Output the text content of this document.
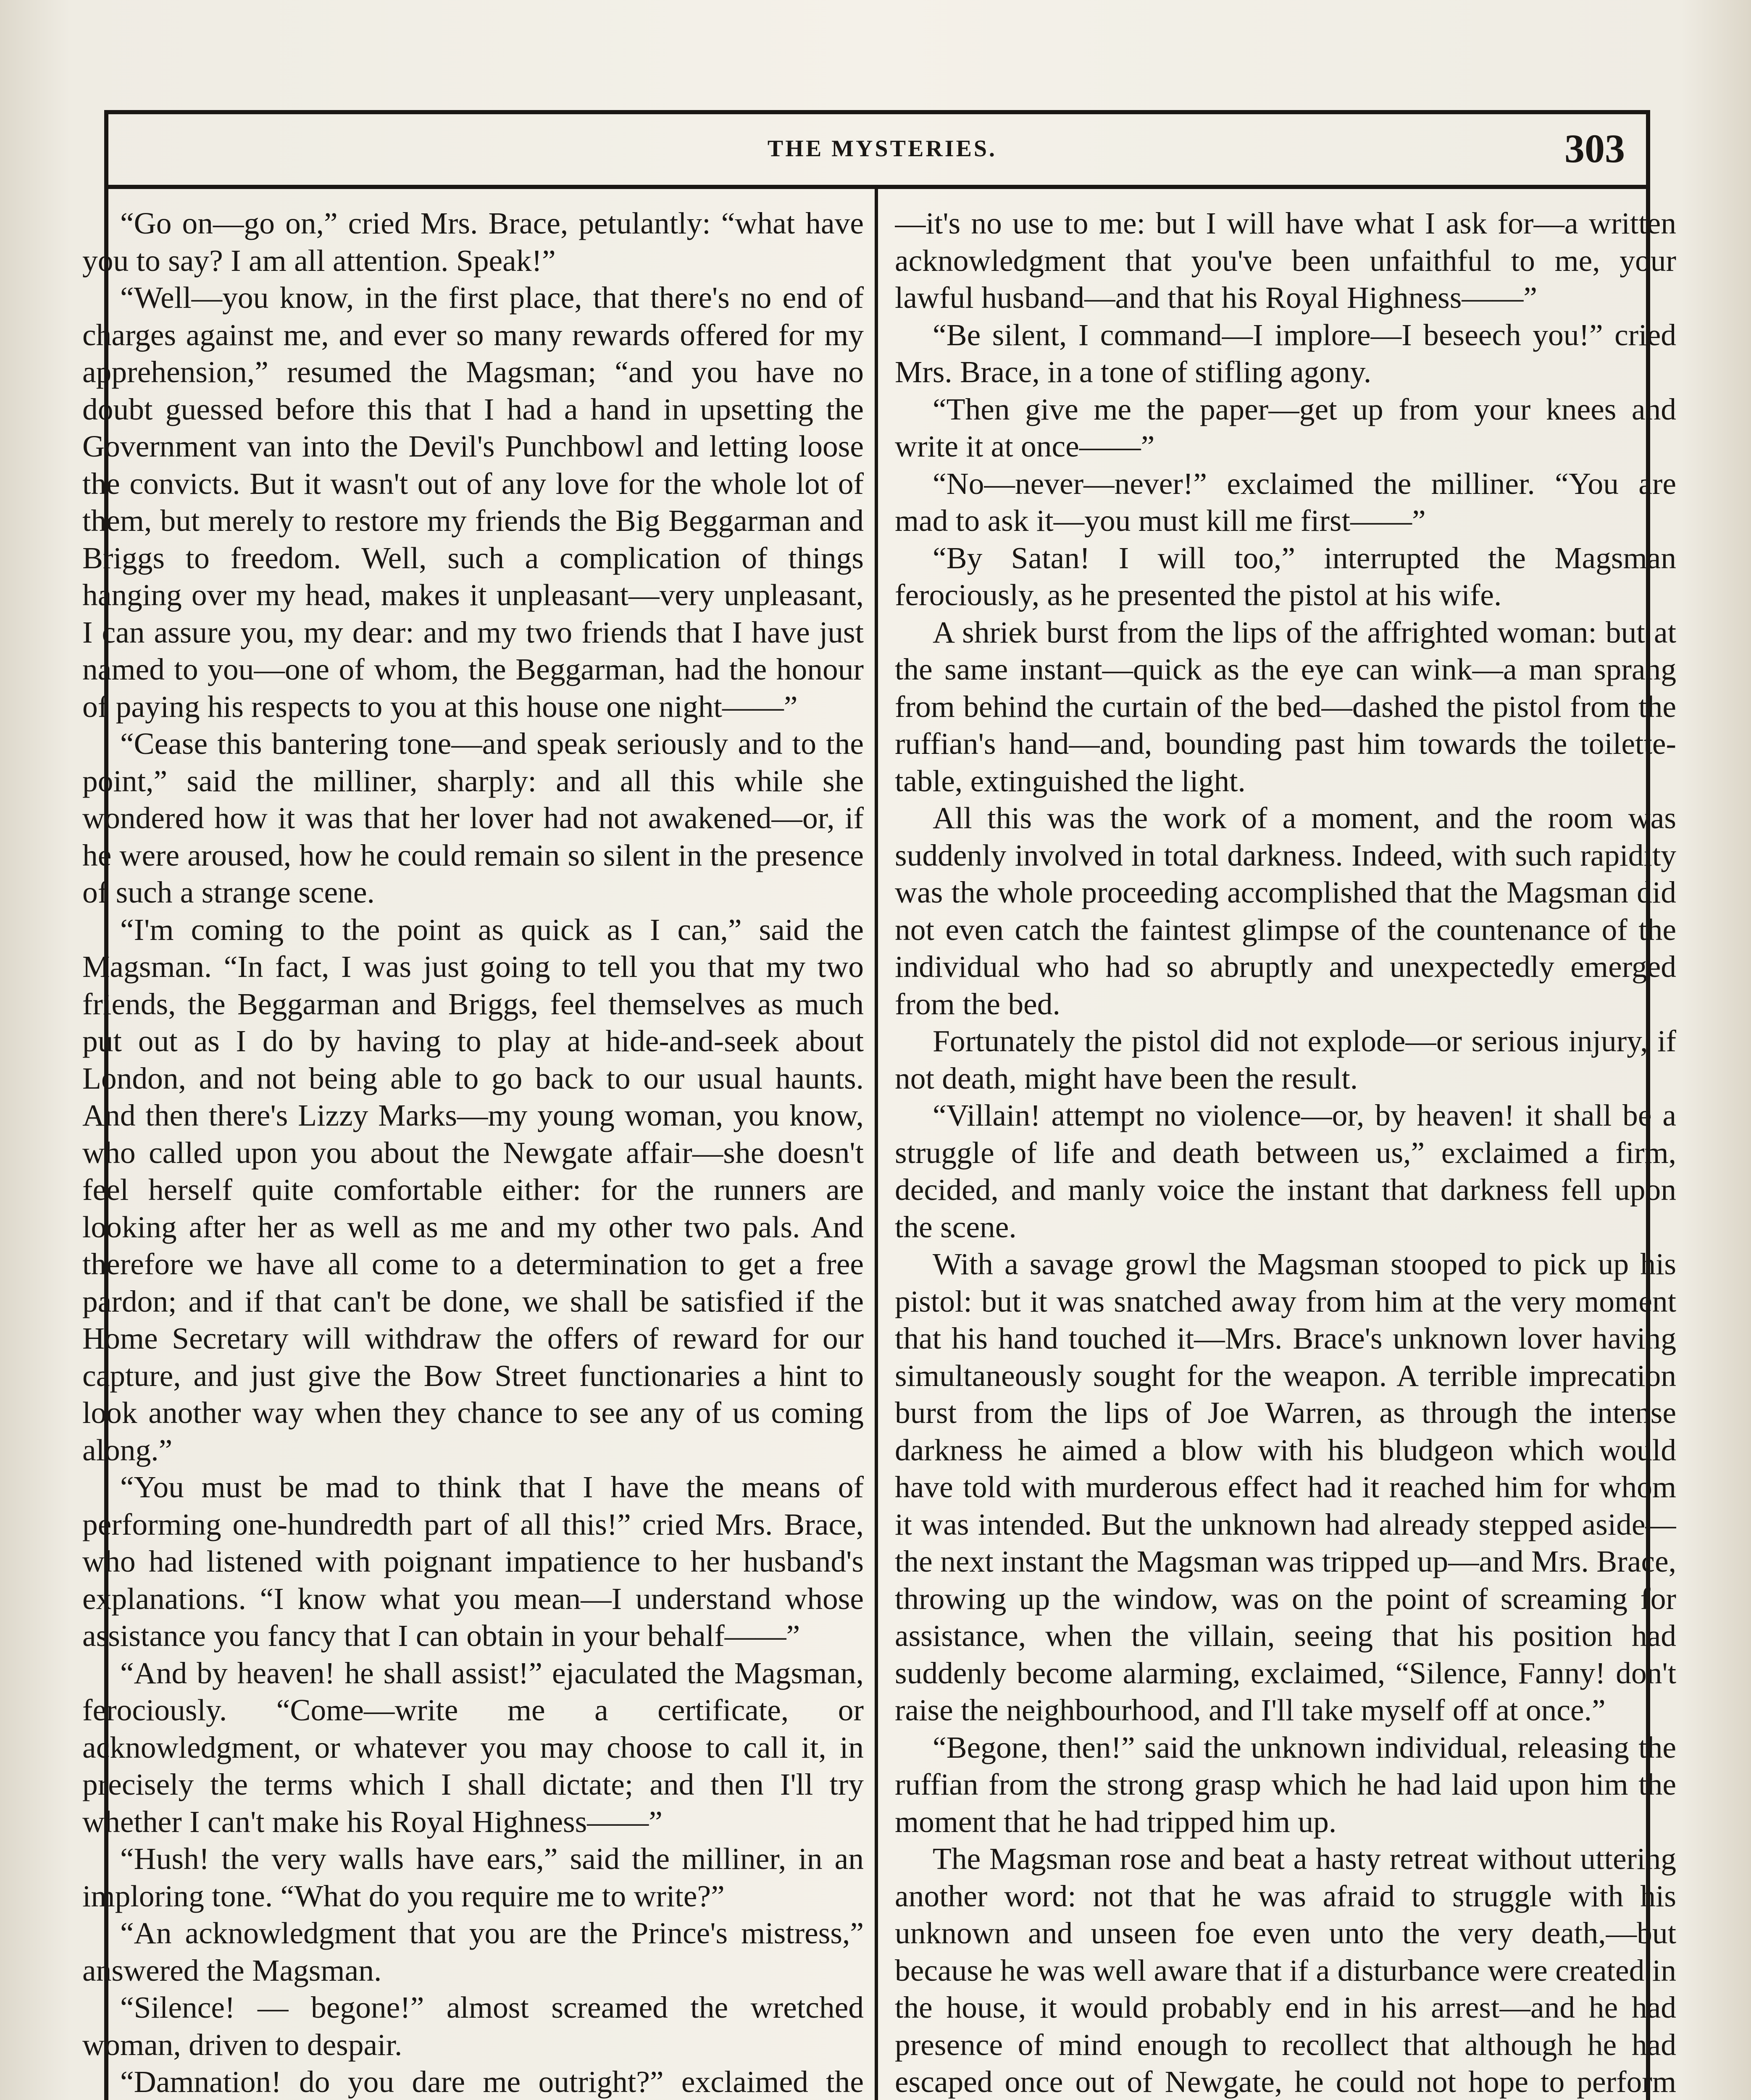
THE MYSTERIES.	303

“Go on—go on,” cried Mrs. Brace, petulantly: “what have you to say? I am all attention. Speak!”

“Well—you know, in the first place, that there's no end of charges against me, and ever so many rewards offered for my apprehension,” resumed the Magsman; “and you have no doubt guessed before this that I had a hand in upsetting the Government van into the Devil's Punchbowl and letting loose the convicts. But it wasn't out of any love for the whole lot of them, but merely to restore my friends the Big Beggarman and Briggs to freedom. Well, such a complication of things hanging over my head, makes it unpleasant—very unpleasant, I can assure you, my dear: and my two friends that I have just named to you—one of whom, the Beggarman, had the honour of paying his respects to you at this house one night——”

“Cease this bantering tone—and speak seriously and to the point,” said the milliner, sharply: and all this while she wondered how it was that her lover had not awakened—or, if he were aroused, how he could remain so silent in the presence of such a strange scene.

“I'm coming to the point as quick as I can,” said the Magsman. “In fact, I was just going to tell you that my two friends, the Beggarman and Briggs, feel themselves as much put out as I do by having to play at hide-and-seek about London, and not being able to go back to our usual haunts. And then there's Lizzy Marks—my young woman, you know, who called upon you about the Newgate affair—she doesn't feel herself quite comfortable either: for the runners are looking after her as well as me and my other two pals. And therefore we have all come to a determination to get a free pardon; and if that can't be done, we shall be satisfied if the Home Secretary will withdraw the offers of reward for our capture, and just give the Bow Street functionaries a hint to look another way when they chance to see any of us coming along.”

“You must be mad to think that I have the means of performing one-hundredth part of all this!” cried Mrs. Brace, who had listened with poignant impatience to her husband's explanations. “I know what you mean—I understand whose assistance you fancy that I can obtain in your behalf——”

“And by heaven! he shall assist!” ejaculated the Magsman, ferociously. “Come—write me a certificate, or acknowledgment, or whatever you may choose to call it, in precisely the terms which I shall dictate; and then I'll try whether I can't make his Royal Highness——”

“Hush! the very walls have ears,” said the milliner, in an imploring tone. “What do you require me to write?”

“An acknowledgment that you are the Prince's mistress,” answered the Magsman.

“Silence! — begone!” almost screamed the wretched woman, driven to despair.

“Damnation! do you dare me outright?” exclaimed the

—it's no use to me: but I will have what I ask for—a written acknowledgment that you've been unfaithful to me, your lawful husband—and that his Royal Highness——”

“Be silent, I command—I implore—I beseech you!” cried Mrs. Brace, in a tone of stifling agony.

“Then give me the paper—get up from your knees and write it at once——”

“No—never—never!” exclaimed the milliner. “You are mad to ask it—you must kill me first——”

“By Satan! I will too,” interrupted the Magsman ferociously, as he presented the pistol at his wife.

A shriek burst from the lips of the affrighted woman: but at the same instant—quick as the eye can wink—a man sprang from behind the curtain of the bed—dashed the pistol from the ruffian's hand—and, bounding past him towards the toilette-table, extinguished the light.

All this was the work of a moment, and the room was suddenly involved in total darkness. Indeed, with such rapidity was the whole proceeding accomplished that the Magsman did not even catch the faintest glimpse of the countenance of the individual who had so abruptly and unexpectedly emerged from the bed.

Fortunately the pistol did not explode—or serious injury, if not death, might have been the result.

“Villain! attempt no violence—or, by heaven! it shall be a struggle of life and death between us,” exclaimed a firm, decided, and manly voice the instant that darkness fell upon the scene.

With a savage growl the Magsman stooped to pick up his pistol: but it was snatched away from him at the very moment that his hand touched it—Mrs. Brace's unknown lover having simultaneously sought for the weapon. A terrible imprecation burst from the lips of Joe Warren, as through the intense darkness he aimed a blow with his bludgeon which would have told with murderous effect had it reached him for whom it was intended. But the unknown had already stepped aside—the next instant the Magsman was tripped up—and Mrs. Brace, throwing up the window, was on the point of screaming for assistance, when the villain, seeing that his position had suddenly become alarming, exclaimed, “Silence, Fanny! don't raise the neighbourhood, and I'll take myself off at once.”

“Begone, then!” said the unknown individual, releasing the ruffian from the strong grasp which he had laid upon him the moment that he had tripped him up.

The Magsman rose and beat a hasty retreat without uttering another word: not that he was afraid to struggle with his unknown and unseen foe even unto the very death,—but because he was well aware that if a disturbance were created in the house, it would probably end in his arrest—and he had presence of mind enough to recollect that although he had escaped once out of Newgate, he could not hope to perform
